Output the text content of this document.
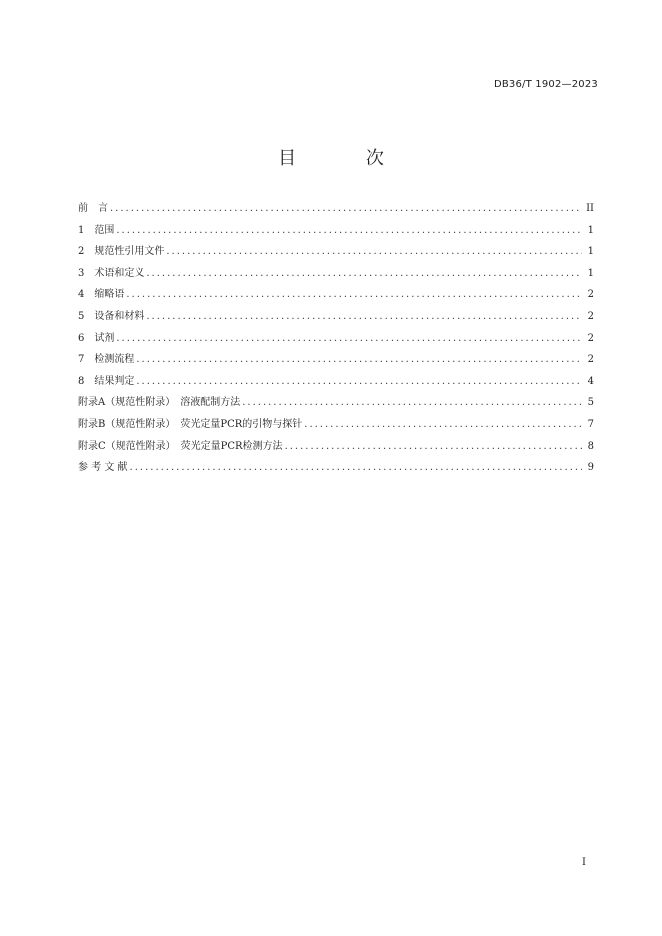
DB36/T 1902—2023
目 次
前　言 .....	II
1　范围 .....	1
2　规范性引用文件 .....	1
3　术语和定义 .....	1
4　缩略语 .....	2
5　设备和材料 .....	2
6　试剂 .....	2
7　检测流程 .....	2
8　结果判定 .....	4
附录A（规范性附录）　溶液配制方法 .....	5
附录B（规范性附录）　荧光定量PCR的引物与探针 .....	7
附录C（规范性附录）　荧光定量PCR检测方法 .....	8
参 考 文 献 .....	9
I
